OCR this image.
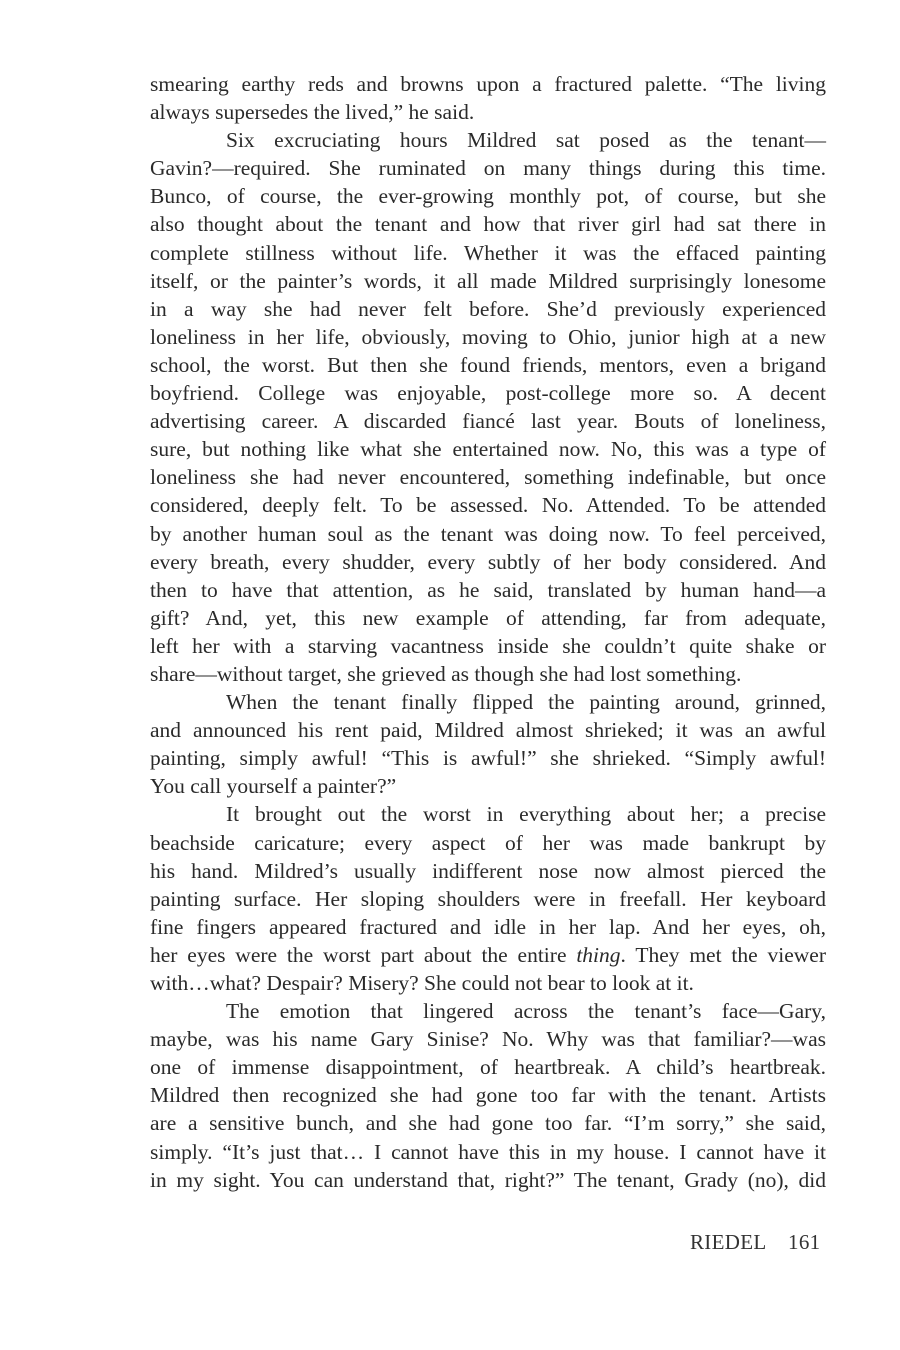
smearing earthy reds and browns upon a fractured palette. “The living
always supersedes the lived,” he said.
Six excruciating hours Mildred sat posed as the tenant—
Gavin?—required. She ruminated on many things during this time.
Bunco, of course, the ever-growing monthly pot, of course, but she
also thought about the tenant and how that river girl had sat there in
complete stillness without life. Whether it was the effaced painting
itself, or the painter’s words, it all made Mildred surprisingly lonesome
in a way she had never felt before. She’d previously experienced
loneliness in her life, obviously, moving to Ohio, junior high at a new
school, the worst. But then she found friends, mentors, even a brigand
boyfriend. College was enjoyable, post-college more so. A decent
advertising career. A discarded fiancé last year. Bouts of loneliness,
sure, but nothing like what she entertained now. No, this was a type of
loneliness she had never encountered, something indefinable, but once
considered, deeply felt. To be assessed. No. Attended. To be attended
by another human soul as the tenant was doing now. To feel perceived,
every breath, every shudder, every subtly of her body considered. And
then to have that attention, as he said, translated by human hand—a
gift? And, yet, this new example of attending, far from adequate,
left her with a starving vacantness inside she couldn’t quite shake or
share—without target, she grieved as though she had lost something.
When the tenant finally flipped the painting around, grinned,
and announced his rent paid, Mildred almost shrieked; it was an awful
painting, simply awful! “This is awful!” she shrieked. “Simply awful!
You call yourself a painter?”
It brought out the worst in everything about her; a precise
beachside caricature; every aspect of her was made bankrupt by
his hand. Mildred’s usually indifferent nose now almost pierced the
painting surface. Her sloping shoulders were in freefall. Her keyboard
fine fingers appeared fractured and idle in her lap. And her eyes, oh,
her eyes were the worst part about the entire thing. They met the viewer
with…what? Despair? Misery? She could not bear to look at it.
The emotion that lingered across the tenant’s face—Gary,
maybe, was his name Gary Sinise? No. Why was that familiar?—was
one of immense disappointment, of heartbreak. A child’s heartbreak.
Mildred then recognized she had gone too far with the tenant. Artists
are a sensitive bunch, and she had gone too far. “I’m sorry,” she said,
simply. “It’s just that… I cannot have this in my house. I cannot have it
in my sight. You can understand that, right?” The tenant, Grady (no), did
RIEDEL 161
